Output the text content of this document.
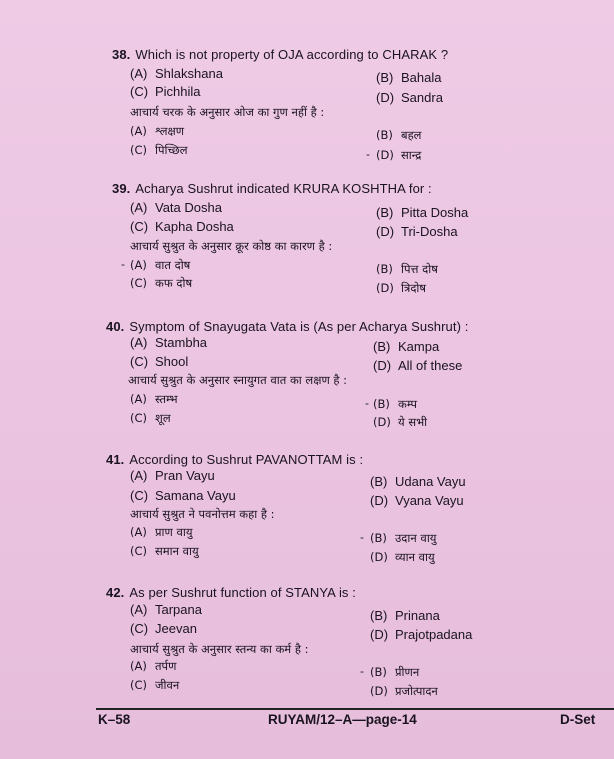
38. Which is not property of OJA according to CHARAK ?
(A) Shlakshana	(B) Bahala
(C) Pichhila	(D) Sandra
आचार्य चरक के अनुसार ओज का गुण नहीं है :
(A) श्लक्षण	(B) बहल
(C) पिच्छिल	- (D) सान्द्र
39. Acharya Sushrut indicated KRURA KOSHTHA for :
(A) Vata Dosha	(B) Pitta Dosha
(C) Kapha Dosha	(D) Tri-Dosha
आचार्य सुश्रुत के अनुसार क्रूर कोष्ठ का कारण है :
- (A) वात दोष	(B) पित्त दोष
(C) कफ दोष	(D) त्रिदोष
40. Symptom of Snayugata Vata is (As per Acharya Sushrut) :
(A) Stambha	(B) Kampa
(C) Shool	(D) All of these
आचार्य सुश्रुत के अनुसार स्नायुगत वात का लक्षण है :
(A) स्तम्भ	- (B) कम्प
(C) शूल	(D) ये सभी
41. According to Sushrut PAVANOTTAM is :
(A) Pran Vayu	(B) Udana Vayu
(C) Samana Vayu	(D) Vyana Vayu
आचार्य सुश्रुत ने पवनोत्तम कहा है :
(A) प्राण वायु	- (B) उदान वायु
(C) समान वायु	(D) व्यान वायु
42. As per Sushrut function of STANYA is :
(A) Tarpana	(B) Prinana
(C) Jeevan	(D) Prajotpadana
आचार्य सुश्रुत के अनुसार स्तन्य का कर्म है :
(A) तर्पण	- (B) प्रीणन
(C) जीवन	(D) प्रजोत्पादन
K–58	RUYAM/12–A—page-14	D-Set
